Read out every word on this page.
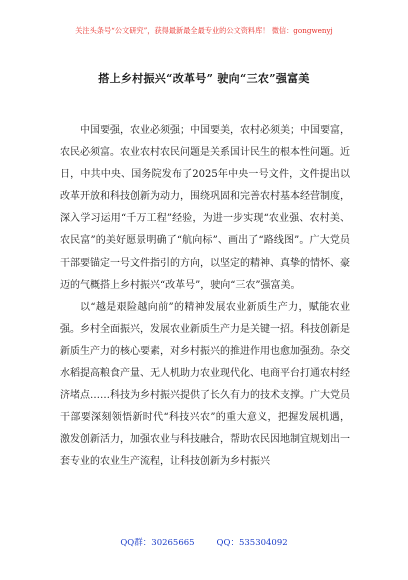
关注头条号“公文研究”，获得最新最全最专业的公文资料库！ 微信：gongwenyj
搭上乡村振兴“改革号” 驶向“三农”强富美

中国要强，农业必须强；中国要美，农村必须美；中国要富，农民必须富。农业农村农民问题是关系国计民生的根本性问题。近日，中共中央、国务院发布了2025年中央一号文件，文件提出以改革开放和科技创新为动力，围绕巩固和完善农村基本经营制度，深入学习运用“千万工程”经验，为进一步实现“农业强、农村美、农民富”的美好愿景明确了“航向标”、画出了“路线图”。广大党员干部要锚定一号文件指引的方向，以坚定的精神、真挚的情怀、豪迈的气概搭上乡村振兴“改革号”，驶向“三农”强富美。

以“越是艰险越向前”的精神发展农业新质生产力，赋能农业强。乡村全面振兴，发展农业新质生产力是关键一招。科技创新是新质生产力的核心要素，对乡村振兴的推进作用也愈加强劲。杂交水稻提高粮食产量、无人机助力农业现代化、电商平台打通农村经济堵点……科技为乡村振兴提供了长久有力的技术支撑。广大党员干部要深刻领悟新时代“科技兴农”的重大意义，把握发展机遇，激发创新活力，加强农业与科技融合，帮助农民因地制宜规划出一套专业的农业生产流程，让科技创新为乡村振兴

QQ群：30265665	QQ：535304092
